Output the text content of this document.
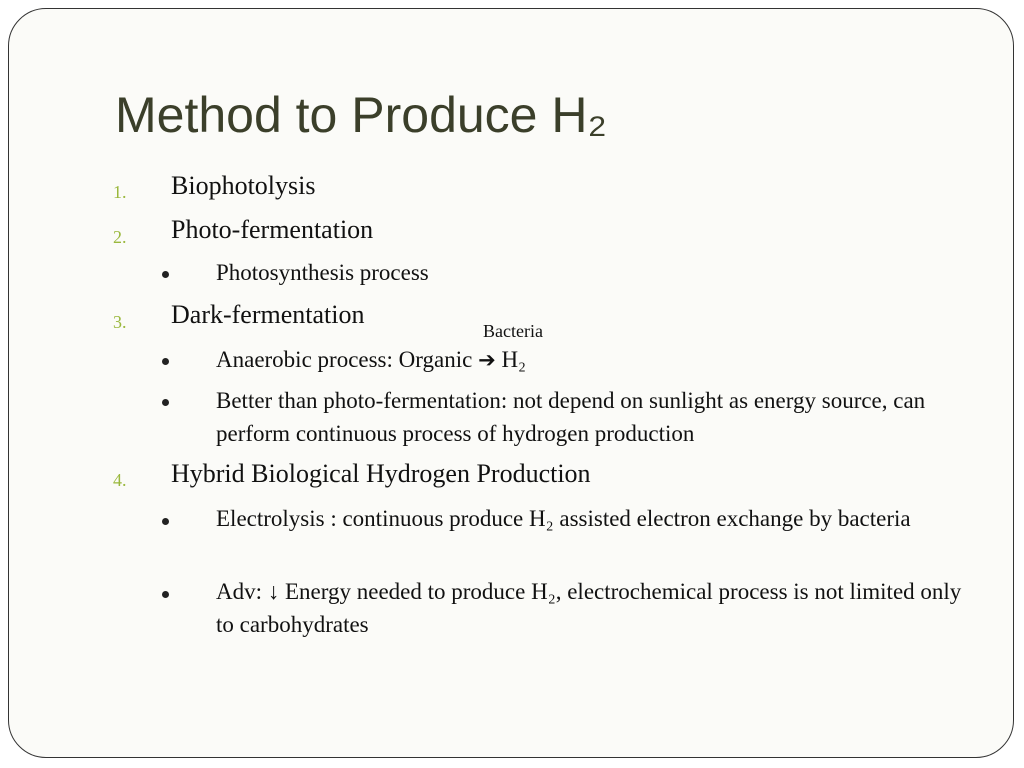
Method to Produce H₂
1. Biophotolysis
2. Photo-fermentation
Photosynthesis process
3. Dark-fermentation
Bacteria
Anaerobic process: Organic ➔ H₂
Better than photo-fermentation: not depend on sunlight as energy source, can perform continuous process of hydrogen production
4. Hybrid Biological Hydrogen Production
Electrolysis : continuous produce H₂ assisted electron exchange by bacteria
Adv: ↓ Energy needed to produce H₂, electrochemical process is not limited only to carbohydrates
